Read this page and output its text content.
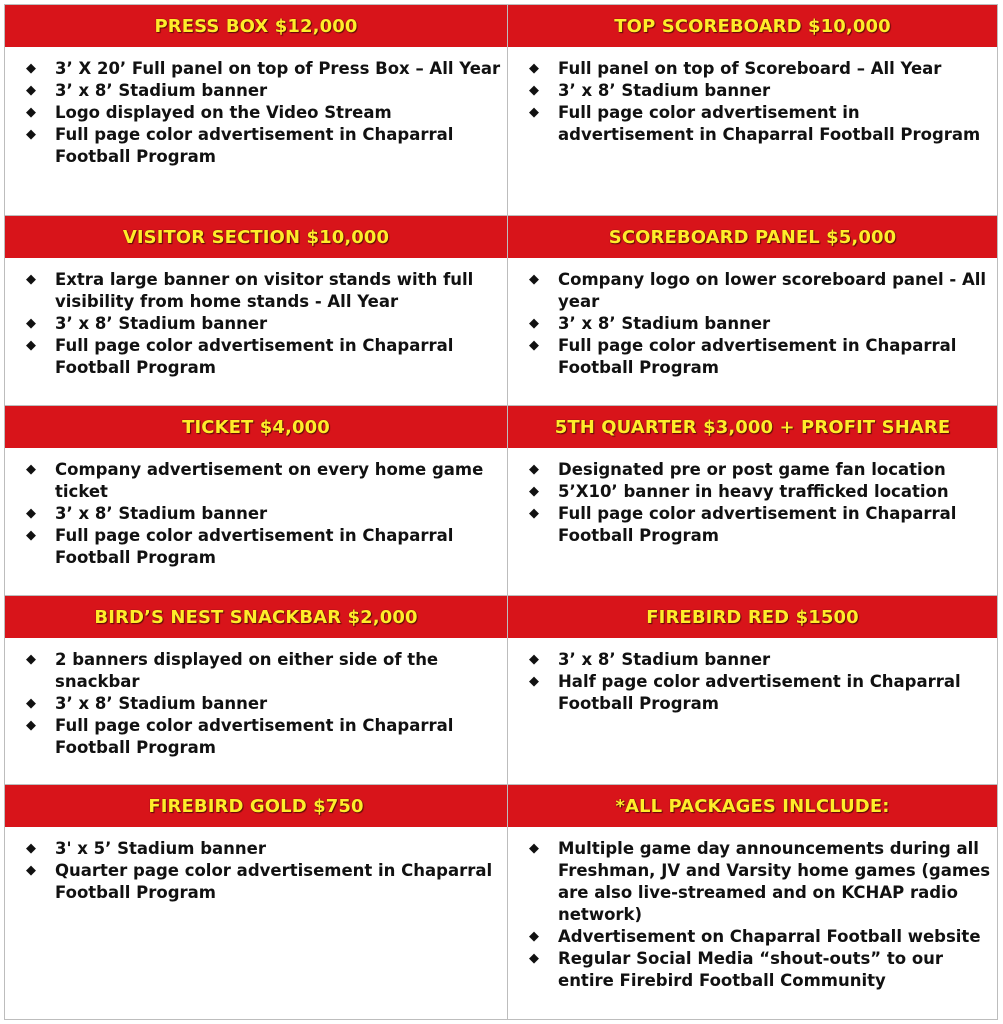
PRESS BOX $12,000
◆ 3’ X 20’ Full panel on top of Press Box – All Year
◆ 3’ x 8’ Stadium banner
◆ Logo displayed on the Video Stream
◆ Full page color advertisement in Chaparral Football Program
TOP SCOREBOARD $10,000
◆ Full panel on top of Scoreboard – All Year
◆ 3’ x 8’ Stadium banner
◆ Full page color advertisement in advertisement in Chaparral Football Program
VISITOR SECTION $10,000
◆ Extra large banner on visitor stands with full visibility from home stands - All Year
◆ 3’ x 8’ Stadium banner
◆ Full page color advertisement in Chaparral Football Program
SCOREBOARD PANEL $5,000
◆ Company logo on lower scoreboard panel - All year
◆ 3’ x 8’ Stadium banner
◆ Full page color advertisement in Chaparral Football Program
TICKET $4,000
◆ Company advertisement on every home game ticket
◆ 3’ x 8’ Stadium banner
◆ Full page color advertisement in Chaparral Football Program
5TH QUARTER $3,000 + PROFIT SHARE
◆ Designated pre or post game fan location
◆ 5’X10’ banner in heavy trafficked location
◆ Full page color advertisement in Chaparral Football Program
BIRD’S NEST SNACKBAR $2,000
◆ 2 banners displayed on either side of the snackbar
◆ 3’ x 8’ Stadium banner
◆ Full page color advertisement in Chaparral Football Program
FIREBIRD RED $1500
◆ 3’ x 8’ Stadium banner
◆ Half page color advertisement in Chaparral Football Program
FIREBIRD GOLD $750
◆ 3' x 5’ Stadium banner
◆ Quarter page color advertisement in Chaparral Football Program
*ALL PACKAGES INLCLUDE:
◆ Multiple game day announcements during all Freshman, JV and Varsity home games (games are also live-streamed and on KCHAP radio network)
◆ Advertisement on Chaparral Football website
◆ Regular Social Media “shout-outs” to our entire Firebird Football Community
